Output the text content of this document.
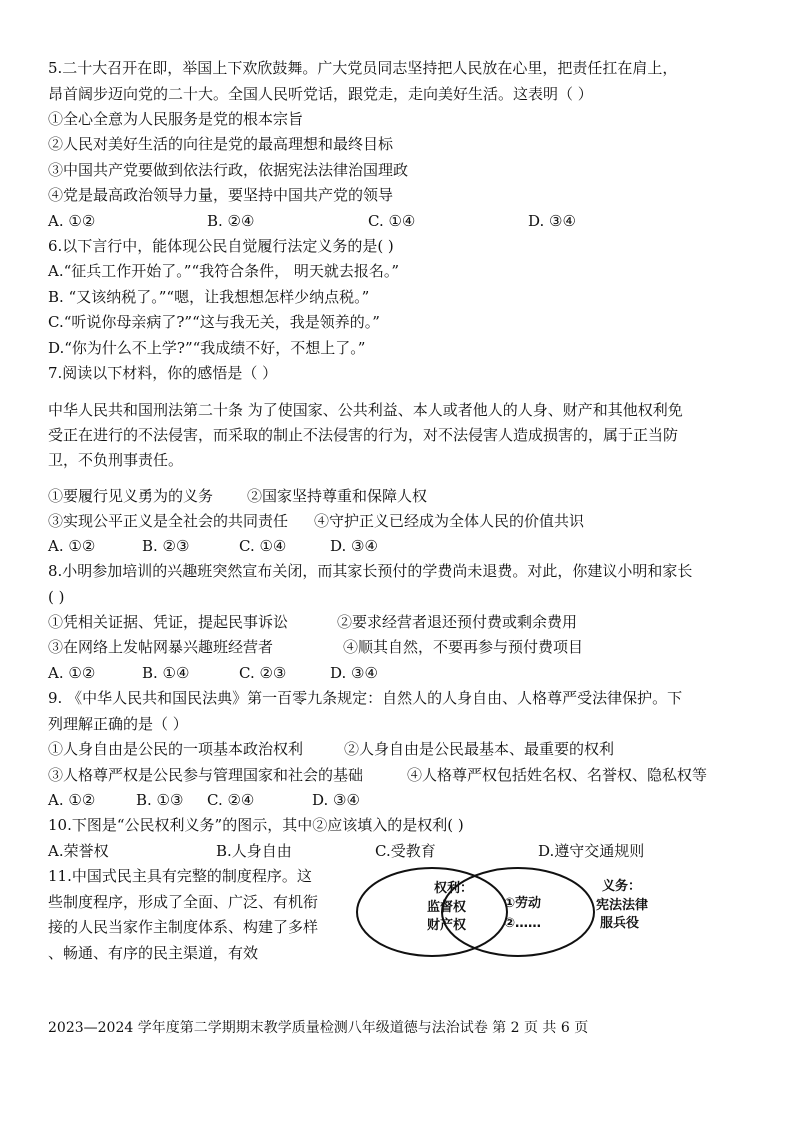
5.二十大召开在即，举国上下欢欣鼓舞。广大党员同志坚持把人民放在心里，把责任扛在肩上，
昂首阔步迈向党的二十大。全国人民听党话，跟党走，走向美好生活。这表明（ ）
①全心全意为人民服务是党的根本宗旨
②人民对美好生活的向往是党的最高理想和最终目标
③中国共产党要做到依法行政，依据宪法法律治国理政
④党是最高政治领导力量，要坚持中国共产党的领导
A. ①②	B. ②④	C. ①④	D. ③④
6.以下言行中，能体现公民自觉履行法定义务的是( )
A.“征兵工作开始了。”“我符合条件， 明天就去报名。”
B. “又该纳税了。”“嗯，让我想想怎样少纳点税。”
C.“听说你母亲病了?”“这与我无关，我是领养的。”
D.“你为什么不上学?”“我成绩不好，不想上了。”
7.阅读以下材料，你的感悟是（ ）
中华人民共和国刑法第二十条 为了使国家、公共利益、本人或者他人的人身、财产和其他权利免
受正在进行的不法侵害，而采取的制止不法侵害的行为，对不法侵害人造成损害的，属于正当防
卫，不负刑事责任。
①要履行见义勇为的义务 ②国家坚持尊重和保障人权
③实现公平正义是全社会的共同责任 ④守护正义已经成为全体人民的价值共识
A. ①②	B. ②③	C. ①④	D. ③④
8.小明参加培训的兴趣班突然宣布关闭，而其家长预付的学费尚未退费。对此，你建议小明和家长
( )
①凭相关证据、凭证，提起民事诉讼	②要求经营者退还预付费或剩余费用
③在网络上发帖网暴兴趣班经营者	④顺其自然，不要再参与预付费项目
A. ①②	B. ①④	C. ②③	D. ③④
9. 《中华人民共和国民法典》第一百零九条规定：自然人的人身自由、人格尊严受法律保护。下
列理解正确的是（ ）
①人身自由是公民的一项基本政治权利	②人身自由是公民最基本、最重要的权利
③人格尊严权是公民参与管理国家和社会的基础	④人格尊严权包括姓名权、名誉权、隐私权等
A. ①②	B. ①③ C. ②④	D. ③④
10.下图是“公民权利义务”的图示，其中②应该填入的是权利( )
A.荣誉权	B.人身自由	C.受教育	D.遵守交通规则
权利：
监督权
财产权
①劳动
②……
义务：
宪法法律
服兵役
11.中国式民主具有完整的制度程序。这
些制度程序，形成了全面、广泛、有机衔
接的人民当家作主制度体系、构建了多样
、畅通、有序的民主渠道，有效
2023—2024 学年度第二学期期末教学质量检测八年级道德与法治试卷 第 2 页 共 6 页
